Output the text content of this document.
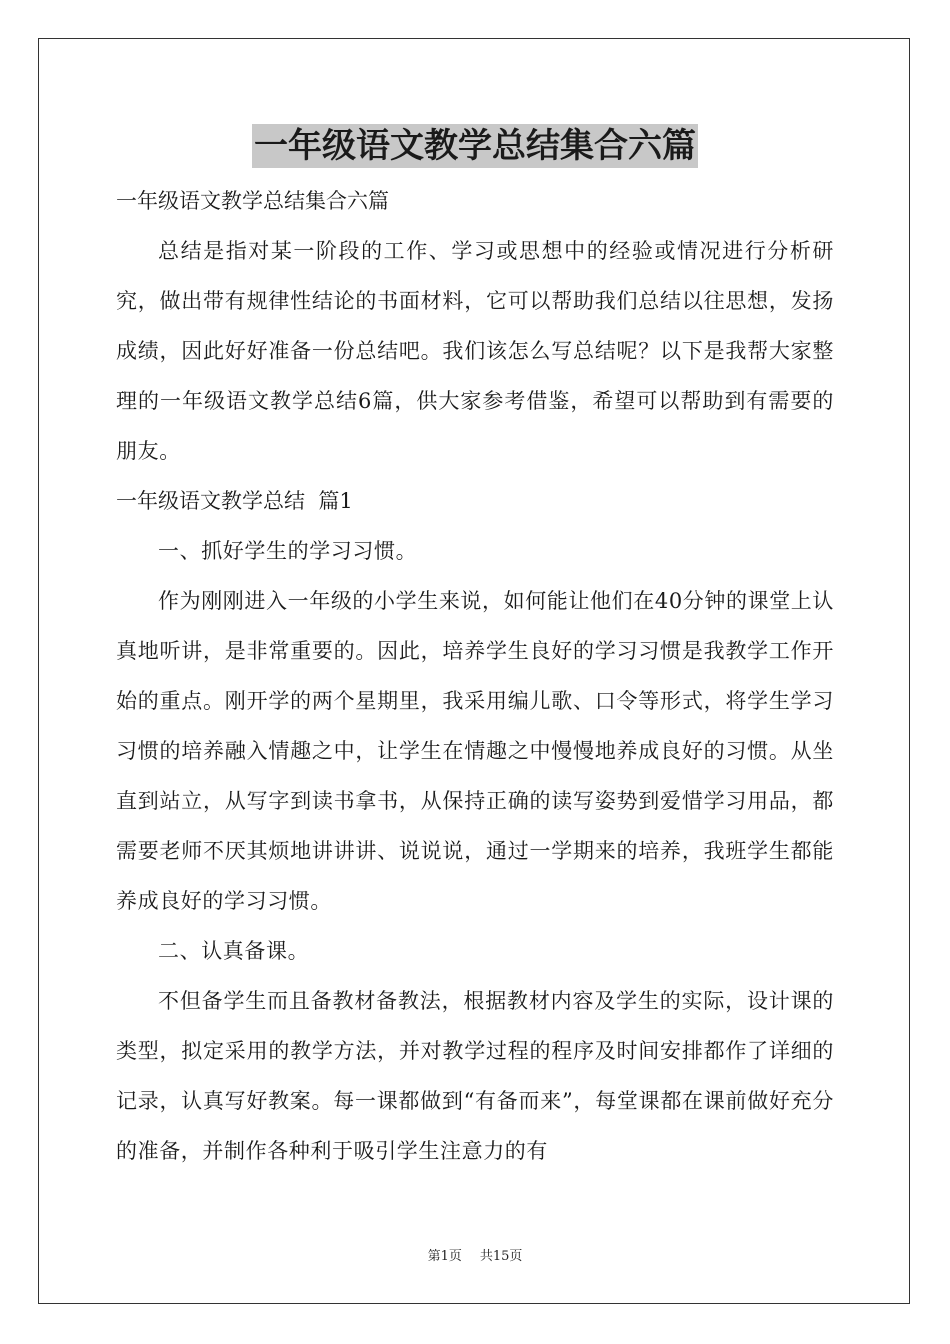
一年级语文教学总结集合六篇
一年级语文教学总结集合六篇

总结是指对某一阶段的工作、学习或思想中的经验或情况进行分析研究，做出带有规律性结论的书面材料，它可以帮助我们总结以往思想，发扬成绩，因此好好准备一份总结吧。我们该怎么写总结呢？以下是我帮大家整理的一年级语文教学总结6篇，供大家参考借鉴，希望可以帮助到有需要的朋友。

一年级语文教学总结  篇1

一、抓好学生的学习习惯。

作为刚刚进入一年级的小学生来说，如何能让他们在40分钟的课堂上认真地听讲，是非常重要的。因此，培养学生良好的学习习惯是我教学工作开始的重点。刚开学的两个星期里，我采用编儿歌、口令等形式，将学生学习习惯的培养融入情趣之中，让学生在情趣之中慢慢地养成良好的习惯。从坐直到站立，从写字到读书拿书，从保持正确的读写姿势到爱惜学习用品，都需要老师不厌其烦地讲讲讲、说说说，通过一学期来的培养，我班学生都能养成良好的学习习惯。

二、认真备课。

不但备学生而且备教材备教法，根据教材内容及学生的实际，设计课的类型，拟定采用的教学方法，并对教学过程的程序及时间安排都作了详细的记录，认真写好教案。每一课都做到“有备而来”，每堂课都在课前做好充分的准备，并制作各种利于吸引学生注意力的有

第1页 共15页
